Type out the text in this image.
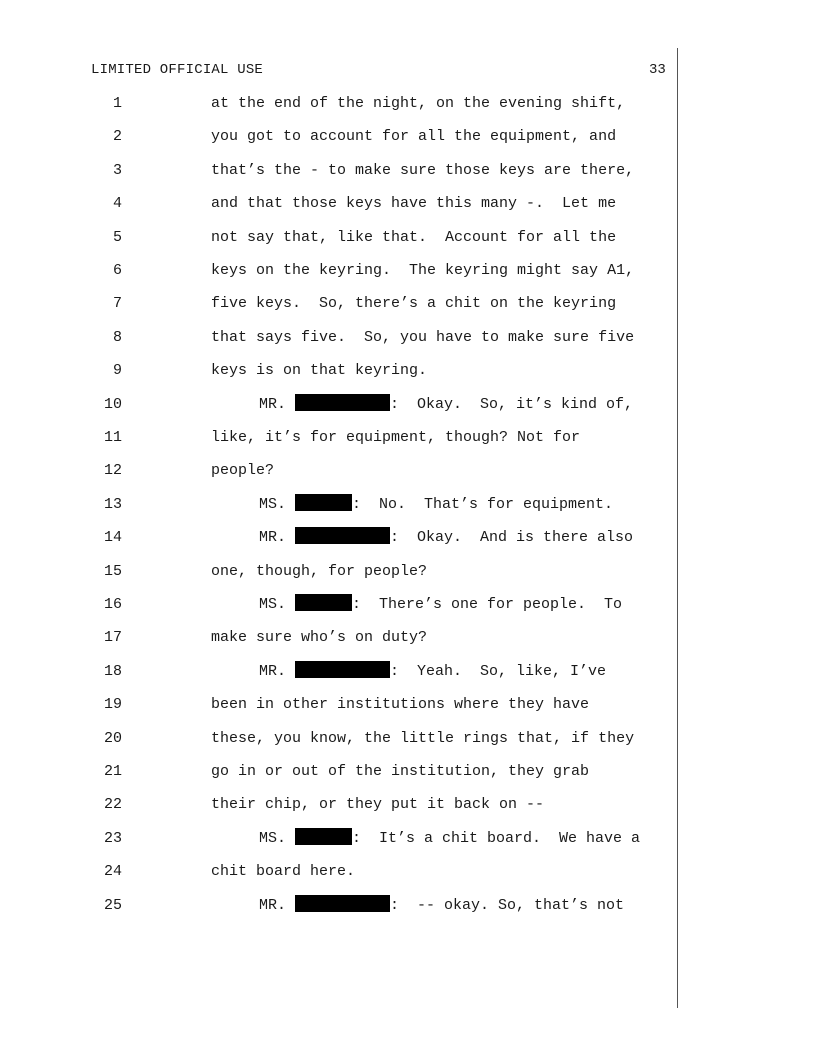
LIMITED OFFICIAL USE	33
1	at the end of the night, on the evening shift,
2	you got to account for all the equipment, and
3	that’s the - to make sure those keys are there,
4	and that those keys have this many -.  Let me
5	not say that, like that.  Account for all the
6	keys on the keyring.  The keyring might say A1,
7	five keys.  So, there’s a chit on the keyring
8	that says five.  So, you have to make sure five
9	keys is on that keyring.
10	MR.	:  Okay.  So, it’s kind of,
11	like, it’s for equipment, though? Not for
12	people?
13	MS.	:  No.  That’s for equipment.
14	MR.	:  Okay.  And is there also
15	one, though, for people?
16	MS.	:  There’s one for people.  To
17	make sure who’s on duty?
18	MR.	:  Yeah.  So, like, I’ve
19	been in other institutions where they have
20	these, you know, the little rings that, if they
21	go in or out of the institution, they grab
22	their chip, or they put it back on --
23	MS.	:  It’s a chit board.  We have a
24	chit board here.
25	MR.	:  -- okay. So, that’s not
